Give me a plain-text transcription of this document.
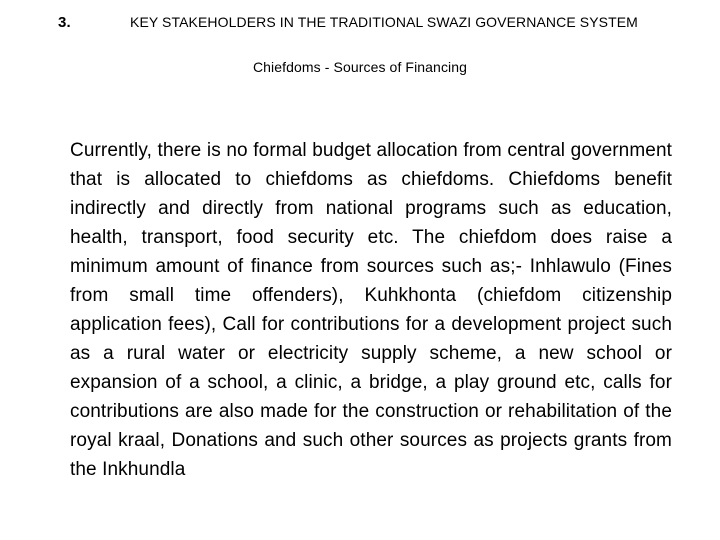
3.	KEY STAKEHOLDERS IN THE TRADITIONAL SWAZI GOVERNANCE SYSTEM
Chiefdoms - Sources of Financing
Currently, there is no formal budget allocation from central government that is allocated to chiefdoms as chiefdoms. Chiefdoms benefit indirectly and directly from national programs such as education, health, transport, food security etc. The chiefdom does raise a minimum amount of finance from sources such as;- Inhlawulo (Fines from small time offenders), Kuhkhonta (chiefdom citizenship application fees), Call for contributions for a development project such as a rural water or electricity supply scheme, a new school or expansion of a school, a clinic, a bridge, a play ground etc, calls for contributions are also made for the construction or rehabilitation of the royal kraal, Donations and such other sources as projects grants from the Inkhundla
